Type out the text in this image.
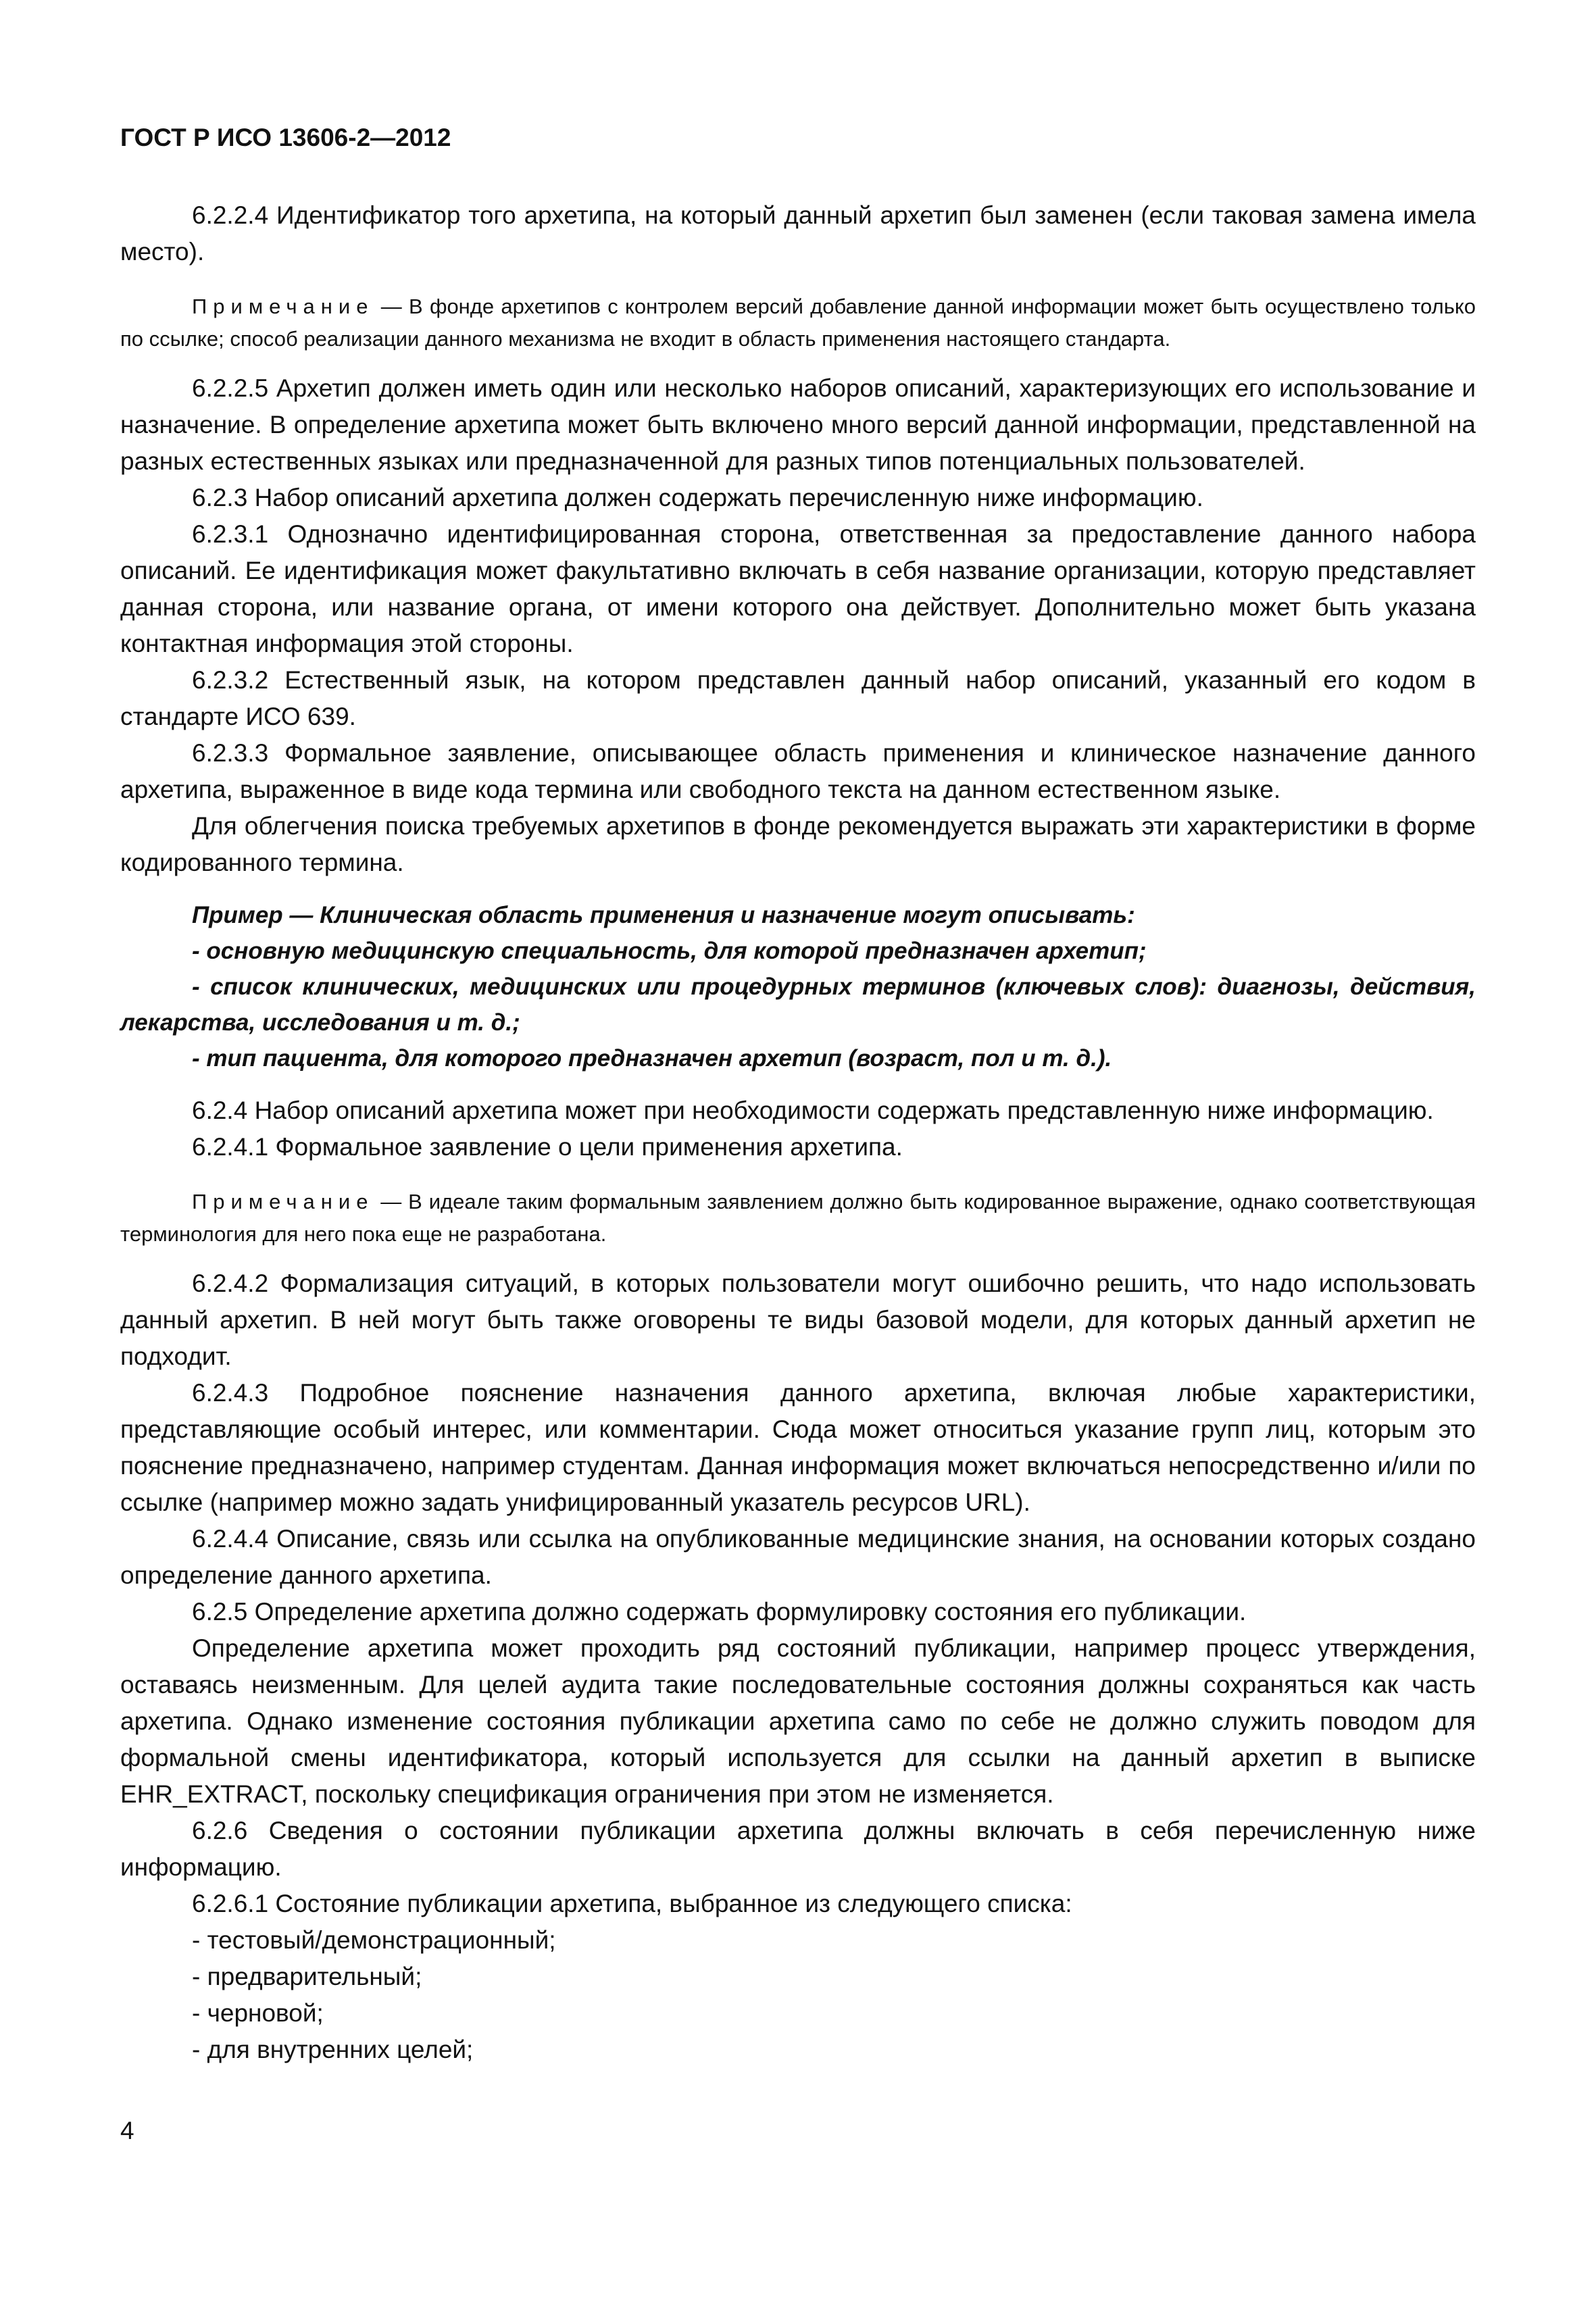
ГОСТ Р ИСО 13606-2—2012

6.2.2.4 Идентификатор того архетипа, на который данный архетип был заменен (если таковая замена имела место).

Примечание — В фонде архетипов с контролем версий добавление данной информации может быть осуществлено только по ссылке; способ реализации данного механизма не входит в область применения настоящего стандарта.

6.2.2.5 Архетип должен иметь один или несколько наборов описаний, характеризующих его использование и назначение. В определение архетипа может быть включено много версий данной информации, представленной на разных естественных языках или предназначенной для разных типов потенциальных пользователей.

6.2.3 Набор описаний архетипа должен содержать перечисленную ниже информацию.

6.2.3.1 Однозначно идентифицированная сторона, ответственная за предоставление данного набора описаний. Ее идентификация может факультативно включать в себя название организации, которую представляет данная сторона, или название органа, от имени которого она действует. Дополнительно может быть указана контактная информация этой стороны.

6.2.3.2 Естественный язык, на котором представлен данный набор описаний, указанный его кодом в стандарте ИСО 639.

6.2.3.3 Формальное заявление, описывающее область применения и клиническое назначение данного архетипа, выраженное в виде кода термина или свободного текста на данном естественном языке.

Для облегчения поиска требуемых архетипов в фонде рекомендуется выражать эти характеристики в форме кодированного термина.

Пример — Клиническая область применения и назначение могут описывать:

- основную медицинскую специальность, для которой предназначен архетип;

- список клинических, медицинских или процедурных терминов (ключевых слов): диагнозы, действия, лекарства, исследования и т. д.;

- тип пациента, для которого предназначен архетип (возраст, пол и т. д.).

6.2.4 Набор описаний архетипа может при необходимости содержать представленную ниже информацию.

6.2.4.1 Формальное заявление о цели применения архетипа.

Примечание — В идеале таким формальным заявлением должно быть кодированное выражение, однако соответствующая терминология для него пока еще не разработана.

6.2.4.2 Формализация ситуаций, в которых пользователи могут ошибочно решить, что надо использовать данный архетип. В ней могут быть также оговорены те виды базовой модели, для которых данный архетип не подходит.

6.2.4.3 Подробное пояснение назначения данного архетипа, включая любые характеристики, представляющие особый интерес, или комментарии. Сюда может относиться указание групп лиц, которым это пояснение предназначено, например студентам. Данная информация может включаться непосредственно и/или по ссылке (например можно задать унифицированный указатель ресурсов URL).

6.2.4.4 Описание, связь или ссылка на опубликованные медицинские знания, на основании которых создано определение данного архетипа.

6.2.5 Определение архетипа должно содержать формулировку состояния его публикации.

Определение архетипа может проходить ряд состояний публикации, например процесс утверждения, оставаясь неизменным. Для целей аудита такие последовательные состояния должны сохраняться как часть архетипа. Однако изменение состояния публикации архетипа само по себе не должно служить поводом для формальной смены идентификатора, который используется для ссылки на данный архетип в выписке EHR_EXTRACT, поскольку спецификация ограничения при этом не изменяется.

6.2.6 Сведения о состоянии публикации архетипа должны включать в себя перечисленную ниже информацию.

6.2.6.1 Состояние публикации архетипа, выбранное из следующего списка:

- тестовый/демонстрационный;

- предварительный;

- черновой;

- для внутренних целей;

4
